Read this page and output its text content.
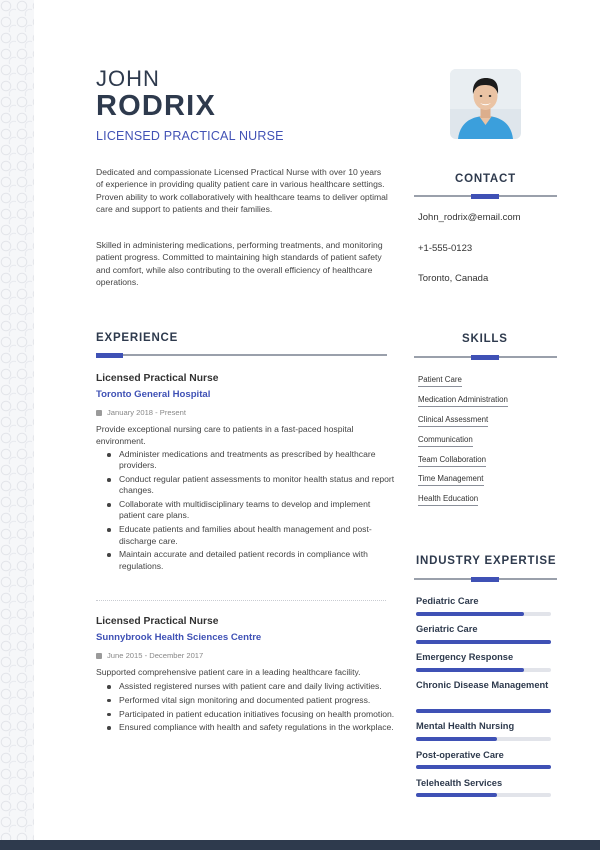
JOHN
RODRIX
LICENSED PRACTICAL NURSE

Dedicated and compassionate Licensed Practical Nurse with over 10 years of experience in providing quality patient care in various healthcare settings. Proven ability to work collaboratively with healthcare teams to deliver optimal care and support to patients and their families.

Skilled in administering medications, performing treatments, and monitoring patient progress. Committed to maintaining high standards of patient safety and comfort, while also contributing to the overall efficiency of healthcare operations.

CONTACT
John_rodrix@email.com
+1-555-0123
Toronto, Canada
EXPERIENCE
Licensed Practical Nurse
Toronto General Hospital
January 2018 - Present

Provide exceptional nursing care to patients in a fast-paced hospital environment.

Administer medications and treatments as prescribed by healthcare providers.
Conduct regular patient assessments to monitor health status and report changes.
Collaborate with multidisciplinary teams to develop and implement patient care plans.
Educate patients and families about health management and post-discharge care.
Maintain accurate and detailed patient records in compliance with regulations.
Licensed Practical Nurse
Sunnybrook Health Sciences Centre
June 2015 - December 2017

Supported comprehensive patient care in a leading healthcare facility.

Assisted registered nurses with patient care and daily living activities.
Performed vital sign monitoring and documented patient progress.
Participated in patient education initiatives focusing on health promotion.
Ensured compliance with health and safety regulations in the workplace.
SKILLS
Patient Care
Medication Administration
Clinical Assessment
Communication
Team Collaboration
Time Management
Health Education
INDUSTRY EXPERTISE
Pediatric Care
Geriatric Care
Emergency Response
Chronic Disease Management
Mental Health Nursing
Post-operative Care
Telehealth Services
